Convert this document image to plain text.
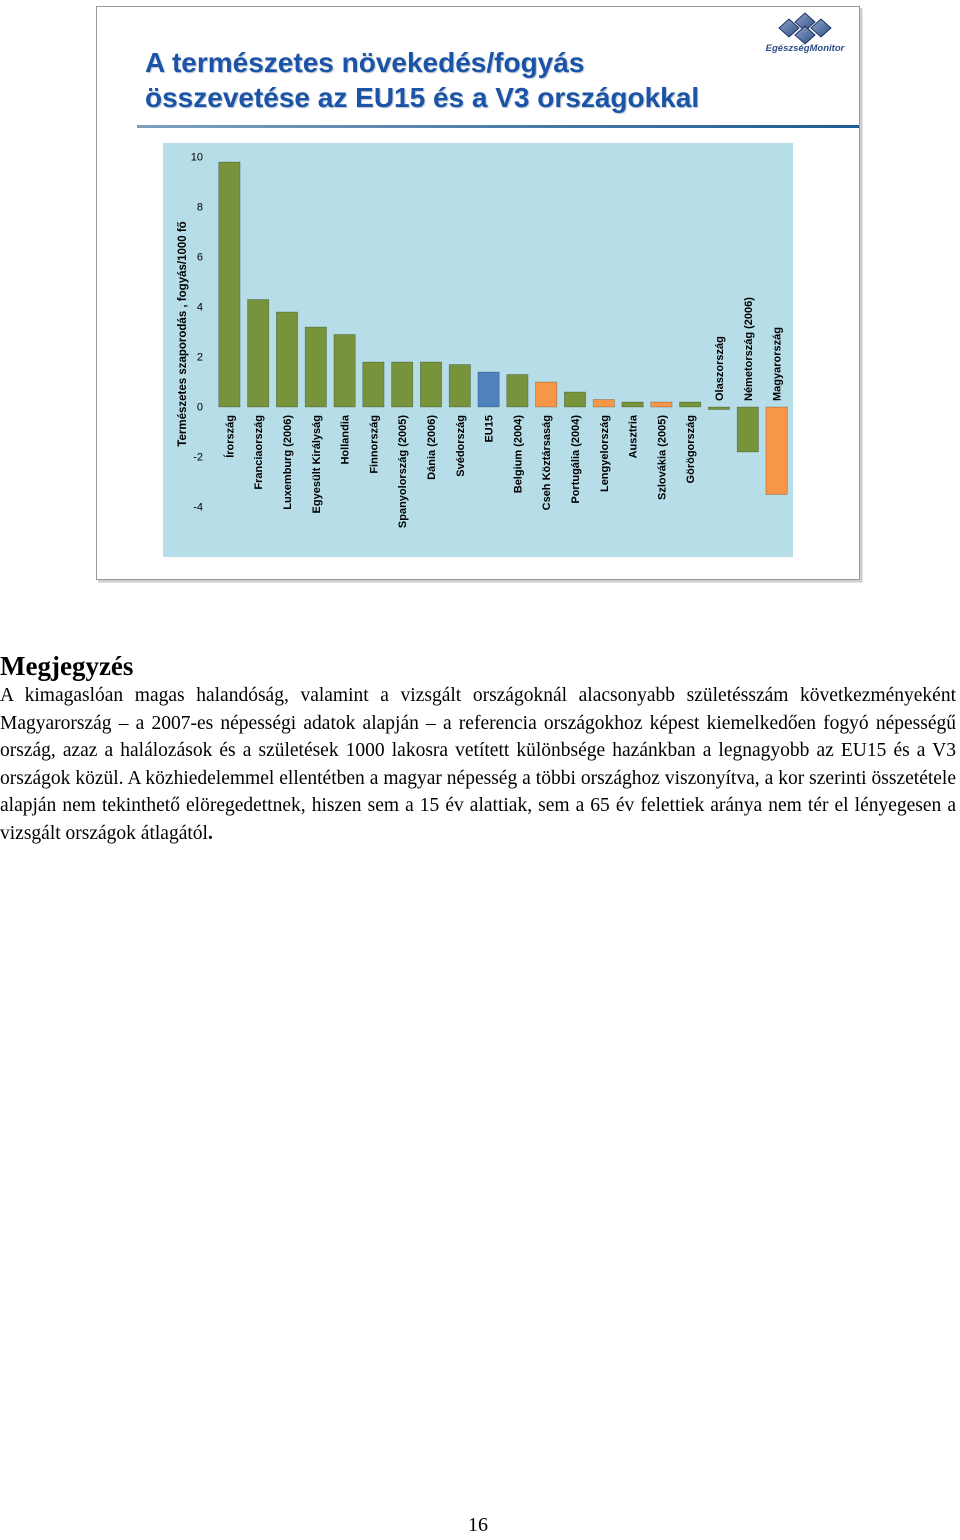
EgészségMonitor
A természetes növekedés/fogyás
összevetése az EU15 és a V3 országokkal
10
8
6
4
2
0
-2
-4
Természetes szaporodás , fogyás/1000 fő	Írország Franciaország Luxemburg (2006) Egyesült Királyság Hollandia Finnország Spanyolország (2005) Dánia (2006) Svédország EU15 Belgium (2004) Cseh Köztársaság Portugália (2004) Lengyelország Ausztria Szlovákia (2005) Görögország
Olaszország Németország (2006) Magyarország
Megjegyzés

A kimagaslóan magas halandóság, valamint a vizsgált országoknál alacsonyabb születésszám következményeként Magyarország – a 2007-es népességi adatok alapján – a referencia országokhoz képest kiemelkedően fogyó népességű ország, azaz a halálozások és a születések 1000 lakosra vetített különbsége hazánkban a legnagyobb az EU15 és a V3 országok közül. A közhiedelemmel ellentétben a magyar népesség a többi országhoz viszonyítva, a kor szerinti összetétele alapján nem tekinthető elöregedettnek, hiszen sem a 15 év alattiak, sem a 65 év felettiek aránya nem tér el lényegesen a vizsgált országok átlagától.

16
